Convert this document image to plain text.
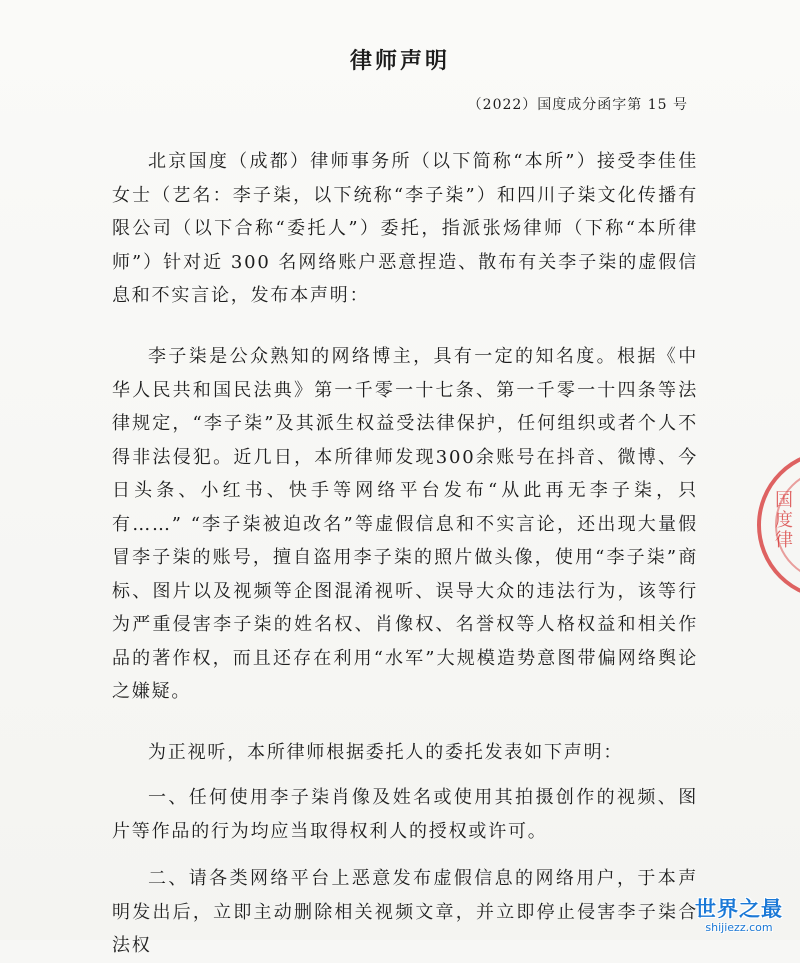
律师声明
（2022）国度成分函字第 15 号

北京国度（成都）律师事务所（以下简称“本所”）接受李佳佳女士（艺名：李子柒，以下统称“李子柒”）和四川子柒文化传播有限公司（以下合称“委托人”）委托，指派张炀律师（下称“本所律师”）针对近 300 名网络账户恶意捏造、散布有关李子柒的虚假信息和不实言论，发布本声明：

李子柒是公众熟知的网络博主，具有一定的知名度。根据《中华人民共和国民法典》第一千零一十七条、第一千零一十四条等法律规定，“李子柒”及其派生权益受法律保护，任何组织或者个人不得非法侵犯。近几日，本所律师发现300余账号在抖音、微博、今日头条、小红书、快手等网络平台发布“从此再无李子柒，只有……” “李子柒被迫改名”等虚假信息和不实言论，还出现大量假冒李子柒的账号，擅自盗用李子柒的照片做头像，使用“李子柒”商标、图片以及视频等企图混淆视听、误导大众的违法行为，该等行为严重侵害李子柒的姓名权、肖像权、名誉权等人格权益和相关作品的著作权，而且还存在利用“水军”大规模造势意图带偏网络舆论之嫌疑。

为正视听，本所律师根据委托人的委托发表如下声明：

一、任何使用李子柒肖像及姓名或使用其拍摄创作的视频、图片等作品的行为均应当取得权利人的授权或许可。

二、请各类网络平台上恶意发布虚假信息的网络用户，于本声明发出后，立即主动删除相关视频文章，并立即停止侵害李子柒合法权

国度律
世界之最
shijiezz.com
